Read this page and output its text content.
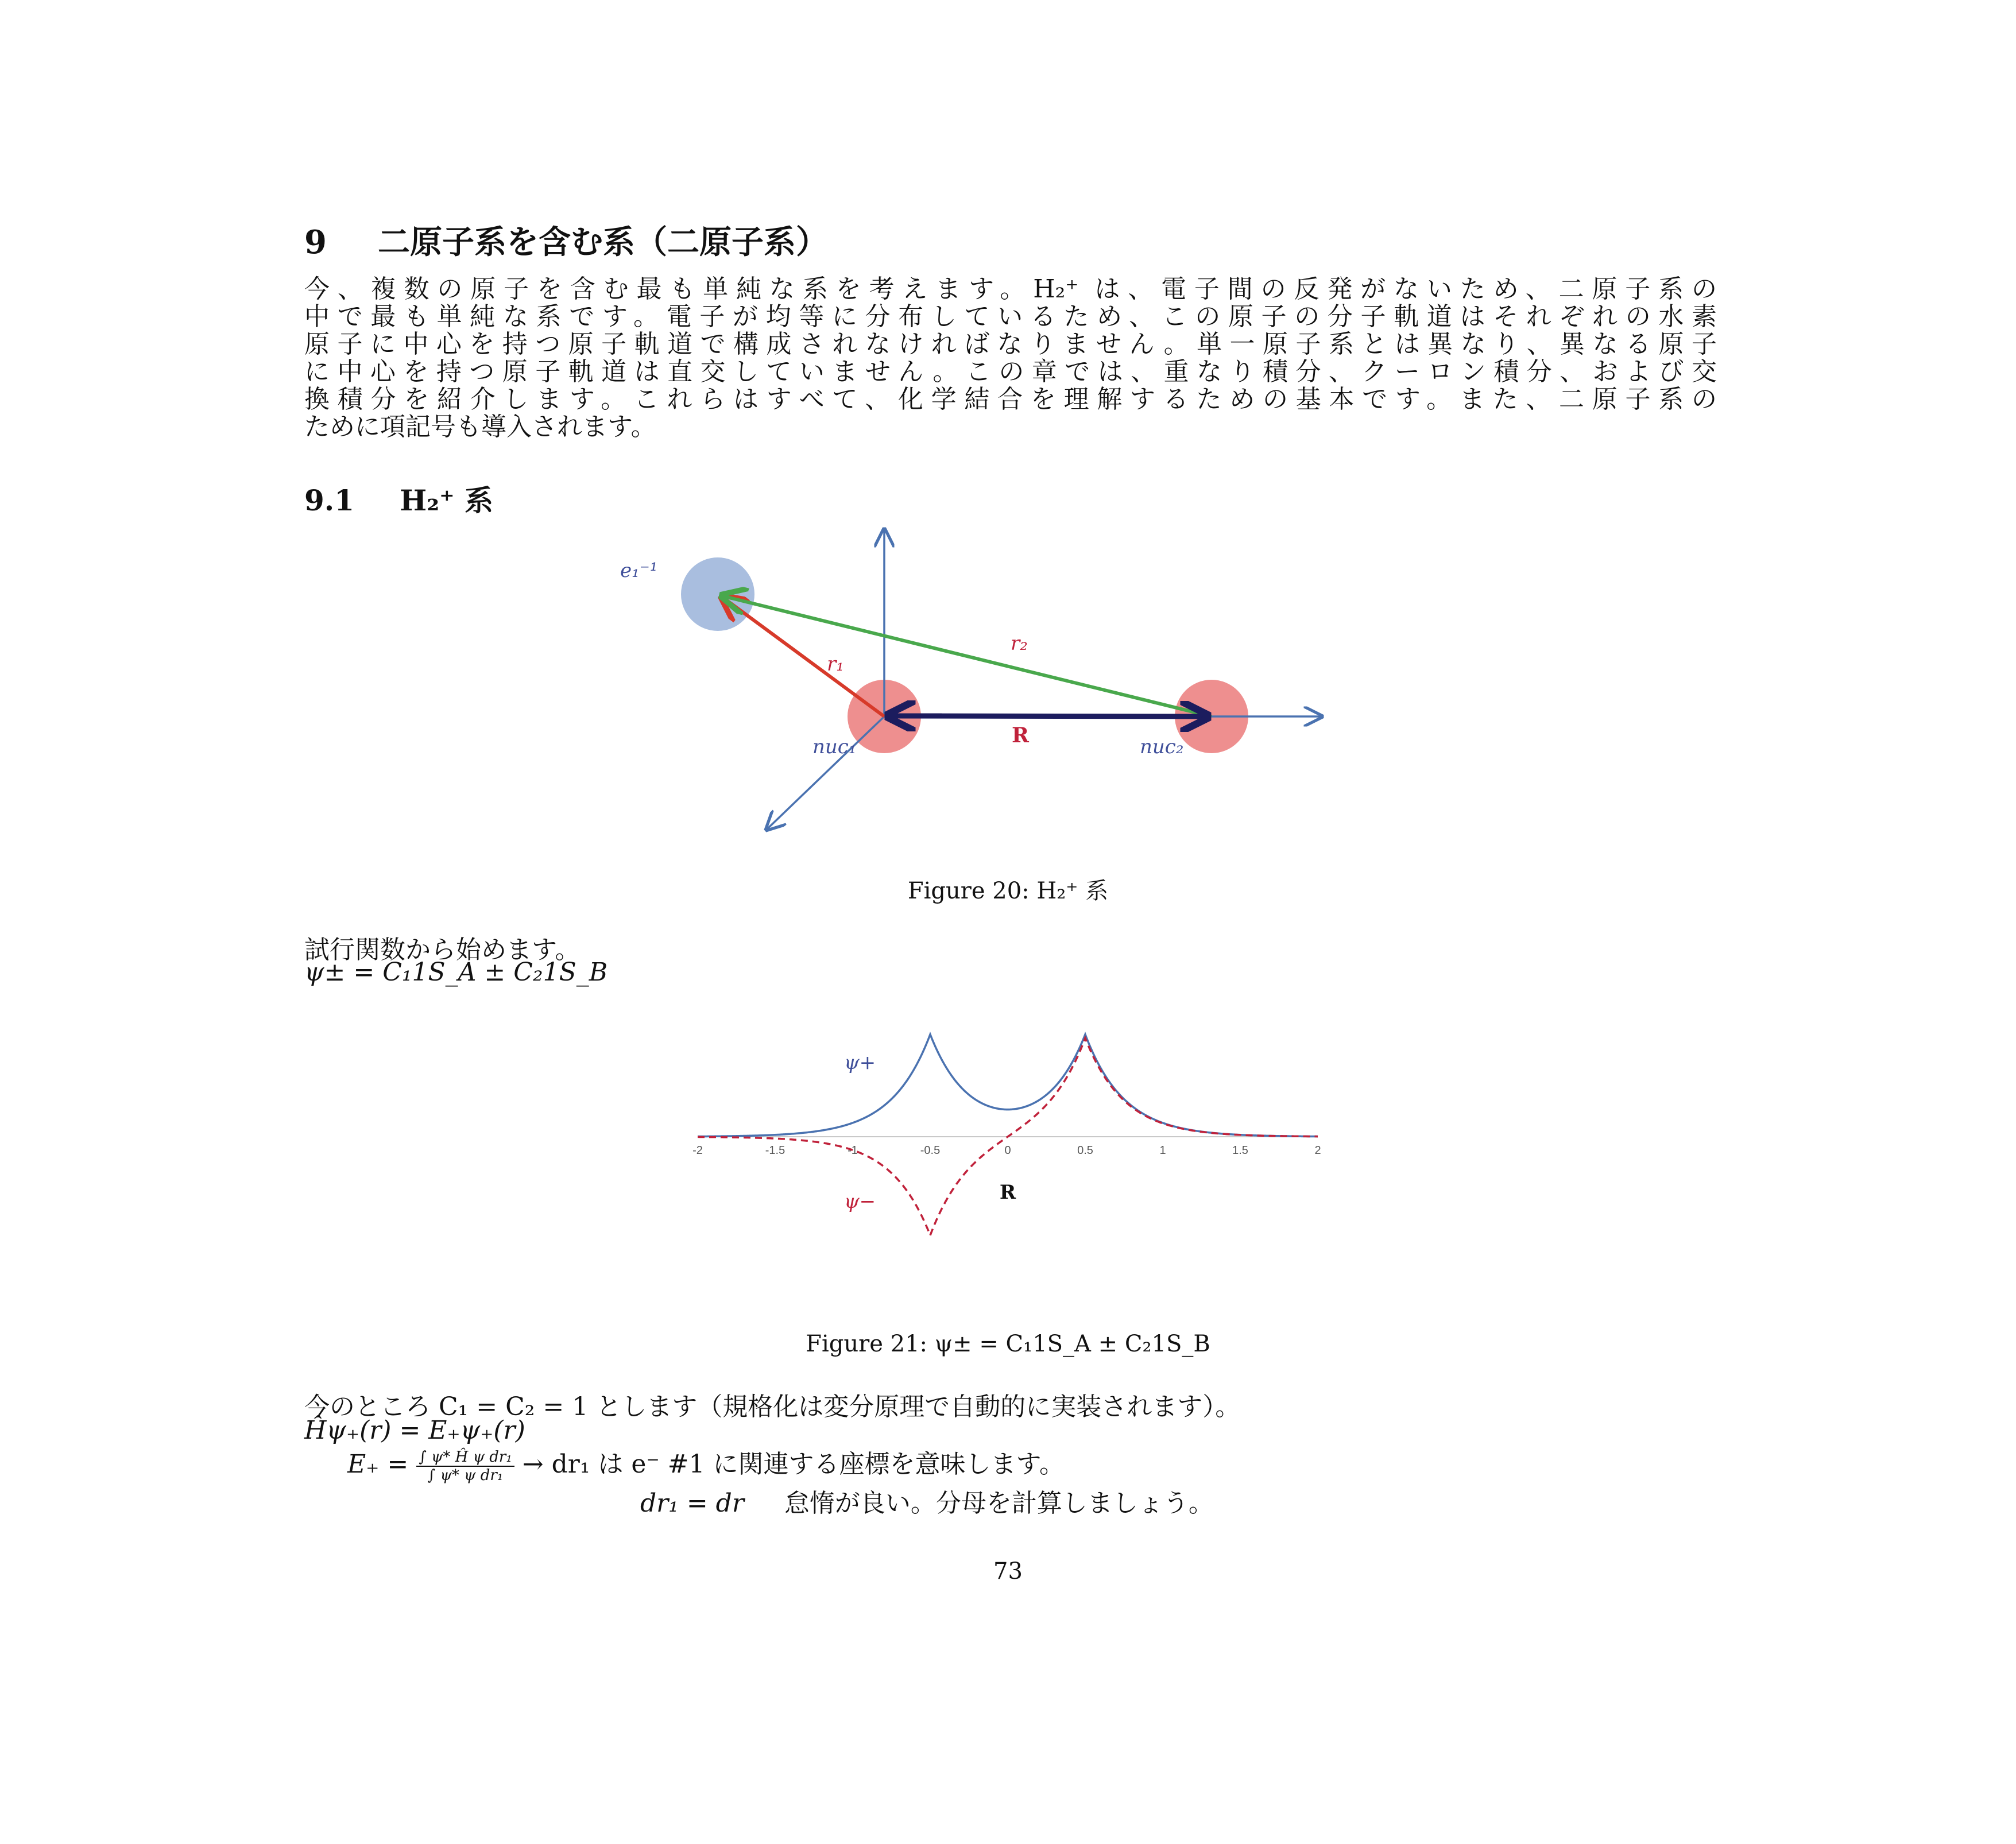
9 二原子系を含む系（二原子系）
今、複数の原子を含む最も単純な系を考えます。H₂⁺ は、電子間の反発がないため、二原子系の
中で最も単純な系です。電子が均等に分布しているため、この原子の分子軌道はそれぞれの水素
原子に中心を持つ原子軌道で構成されなければなりません。単一原子系とは異なり、異なる原子
に中心を持つ原子軌道は直交していません。この章では、重なり積分、クーロン積分、および交
換積分を紹介します。これらはすべて、化学結合を理解するための基本です。また、二原子系の
ために項記号も導入されます。
9.1 H₂⁺ 系
e₁⁻¹
r₁
r₂
R
nuc₁	nuc₂
Figure 20: H₂⁺ 系
試行関数から始めます。
ψ± = C₁1S_A ± C₂1S_B
-2	-1.5	-1	-0.5	0	0.5	1	1.5	2
ψ+
ψ−	R
Figure 21: ψ± = C₁1S_A ± C₂1S_B
今のところ C₁ = C₂ = 1 とします（規格化は変分原理で自動的に実装されます）。
Ĥψ₊(r) = E₊ψ₊(r)
$E_+ = \frac{\text{∫ ψ* Ĥ ψ dr₁}}{\text{∫ ψ* ψ dr₁}} \to dr_1$ は e⁻ #1 に関連する座標を意味します。
dr₁ = dr 怠惰が良い。分母を計算しましょう。
73
